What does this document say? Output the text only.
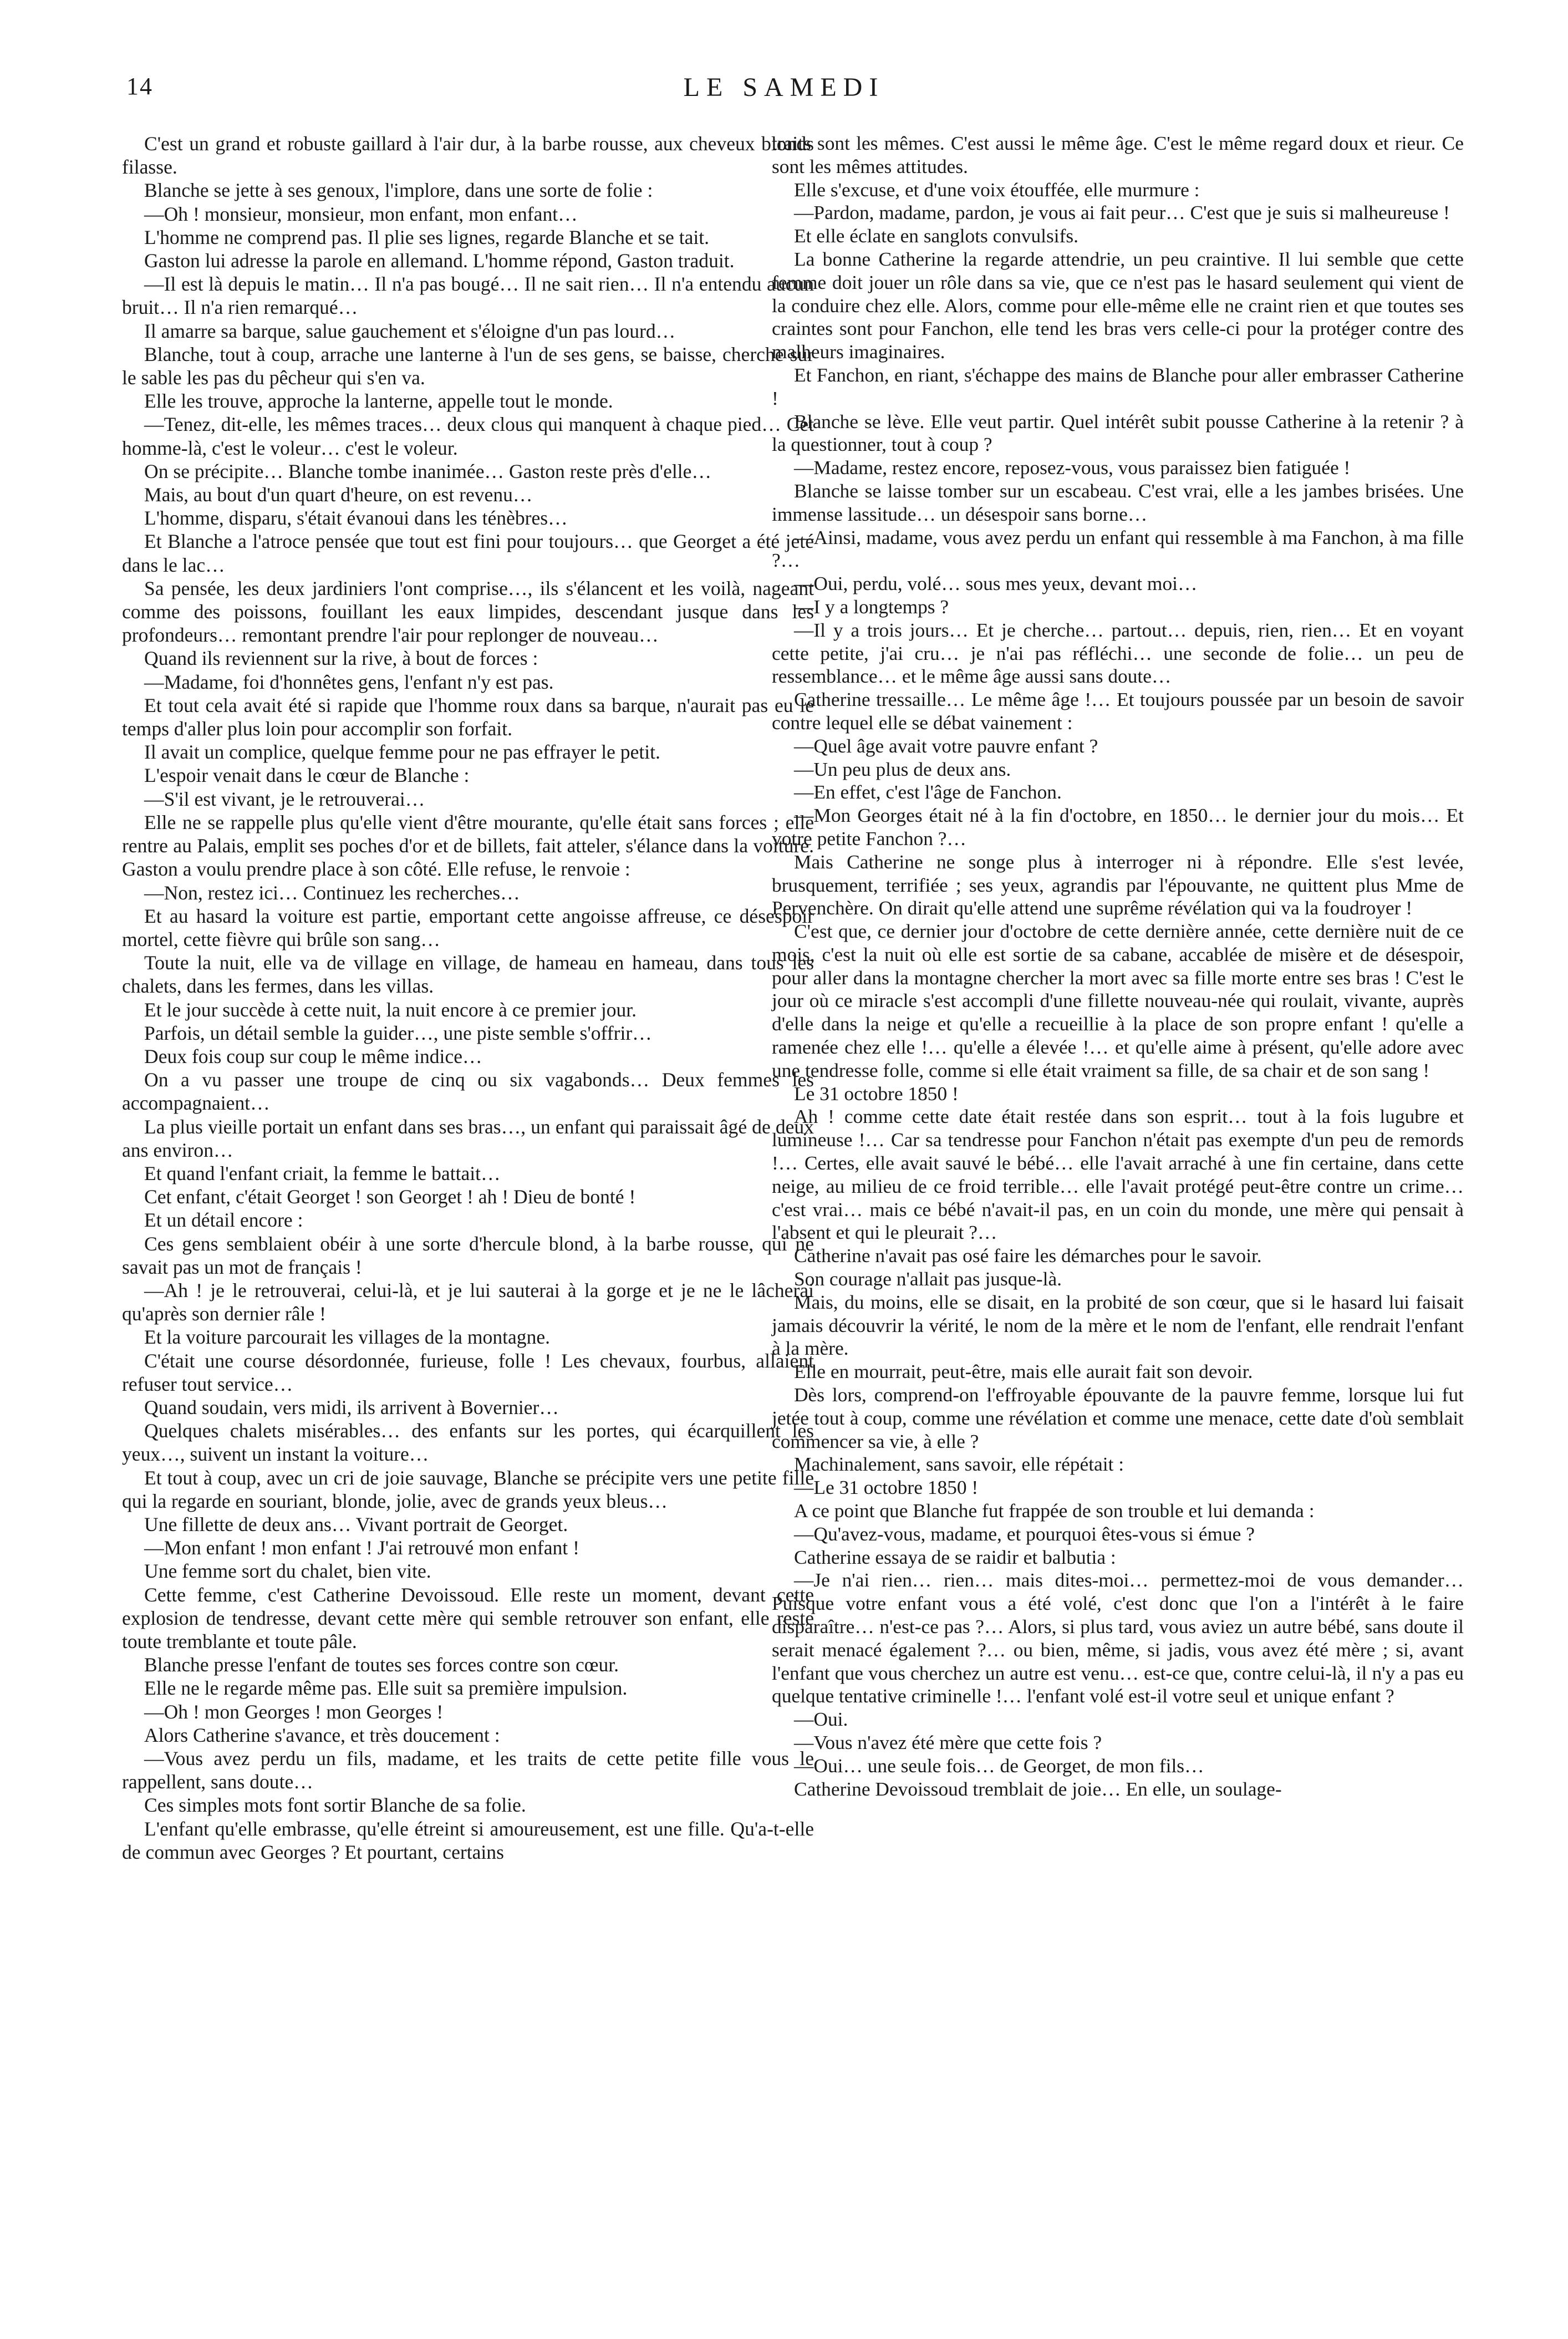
14	LE SAMEDI

C'est un grand et robuste gaillard à l'air dur, à la barbe rousse, aux cheveux blonds filasse.

Blanche se jette à ses genoux, l'implore, dans une sorte de folie :

—Oh ! monsieur, monsieur, mon enfant, mon enfant…

L'homme ne comprend pas. Il plie ses lignes, regarde Blanche et se tait.

Gaston lui adresse la parole en allemand. L'homme répond, Gaston traduit.

—Il est là depuis le matin… Il n'a pas bougé… Il ne sait rien… Il n'a entendu aucun bruit… Il n'a rien remarqué…

Il amarre sa barque, salue gauchement et s'éloigne d'un pas lourd…

Blanche, tout à coup, arrache une lanterne à l'un de ses gens, se baisse, cherche sur le sable les pas du pêcheur qui s'en va.

Elle les trouve, approche la lanterne, appelle tout le monde.

—Tenez, dit-elle, les mêmes traces… deux clous qui manquent à chaque pied… Cet homme-là, c'est le voleur… c'est le voleur.

On se précipite… Blanche tombe inanimée… Gaston reste près d'elle…

Mais, au bout d'un quart d'heure, on est revenu…

L'homme, disparu, s'était évanoui dans les ténèbres…

Et Blanche a l'atroce pensée que tout est fini pour toujours… que Georget a été jeté dans le lac…

Sa pensée, les deux jardiniers l'ont comprise…, ils s'élancent et les voilà, nageant comme des poissons, fouillant les eaux limpides, descendant jusque dans les profondeurs… remontant prendre l'air pour replonger de nouveau…

Quand ils reviennent sur la rive, à bout de forces :

—Madame, foi d'honnêtes gens, l'enfant n'y est pas.

Et tout cela avait été si rapide que l'homme roux dans sa barque, n'aurait pas eu le temps d'aller plus loin pour accomplir son forfait.

Il avait un complice, quelque femme pour ne pas effrayer le petit.

L'espoir venait dans le cœur de Blanche :

—S'il est vivant, je le retrouverai…

Elle ne se rappelle plus qu'elle vient d'être mourante, qu'elle était sans forces ; elle rentre au Palais, emplit ses poches d'or et de billets, fait atteler, s'élance dans la voiture. Gaston a voulu prendre place à son côté. Elle refuse, le renvoie :

—Non, restez ici… Continuez les recherches…

Et au hasard la voiture est partie, emportant cette angoisse affreuse, ce désespoir mortel, cette fièvre qui brûle son sang…

Toute la nuit, elle va de village en village, de hameau en hameau, dans tous les chalets, dans les fermes, dans les villas.

Et le jour succède à cette nuit, la nuit encore à ce premier jour.

Parfois, un détail semble la guider…, une piste semble s'offrir…

Deux fois coup sur coup le même indice…

On a vu passer une troupe de cinq ou six vagabonds… Deux femmes les accompagnaient…

La plus vieille portait un enfant dans ses bras…, un enfant qui paraissait âgé de deux ans environ…

Et quand l'enfant criait, la femme le battait…

Cet enfant, c'était Georget ! son Georget ! ah ! Dieu de bonté !

Et un détail encore :

Ces gens semblaient obéir à une sorte d'hercule blond, à la barbe rousse, qui ne savait pas un mot de français !

—Ah ! je le retrouverai, celui-là, et je lui sauterai à la gorge et je ne le lâcherai qu'après son dernier râle !

Et la voiture parcourait les villages de la montagne.

C'était une course désordonnée, furieuse, folle ! Les chevaux, fourbus, allaient refuser tout service…

Quand soudain, vers midi, ils arrivent à Bovernier…

Quelques chalets misérables… des enfants sur les portes, qui écarquillent les yeux…, suivent un instant la voiture…

Et tout à coup, avec un cri de joie sauvage, Blanche se précipite vers une petite fille qui la regarde en souriant, blonde, jolie, avec de grands yeux bleus…

Une fillette de deux ans… Vivant portrait de Georget.

—Mon enfant ! mon enfant ! J'ai retrouvé mon enfant !

Une femme sort du chalet, bien vite.

Cette femme, c'est Catherine Devoissoud. Elle reste un moment, devant cette explosion de tendresse, devant cette mère qui semble retrouver son enfant, elle reste toute tremblante et toute pâle.

Blanche presse l'enfant de toutes ses forces contre son cœur.

Elle ne le regarde même pas. Elle suit sa première impulsion.

—Oh ! mon Georges ! mon Georges !

Alors Catherine s'avance, et très doucement :

—Vous avez perdu un fils, madame, et les traits de cette petite fille vous le rappellent, sans doute…

Ces simples mots font sortir Blanche de sa folie.

L'enfant qu'elle embrasse, qu'elle étreint si amoureusement, est une fille. Qu'a-t-elle de commun avec Georges ? Et pourtant, certains

traits sont les mêmes. C'est aussi le même âge. C'est le même regard doux et rieur. Ce sont les mêmes attitudes.

Elle s'excuse, et d'une voix étouffée, elle murmure :

—Pardon, madame, pardon, je vous ai fait peur… C'est que je suis si malheureuse !

Et elle éclate en sanglots convulsifs.

La bonne Catherine la regarde attendrie, un peu craintive. Il lui semble que cette femme doit jouer un rôle dans sa vie, que ce n'est pas le hasard seulement qui vient de la conduire chez elle. Alors, comme pour elle-même elle ne craint rien et que toutes ses craintes sont pour Fanchon, elle tend les bras vers celle-ci pour la protéger contre des malheurs imaginaires.

Et Fanchon, en riant, s'échappe des mains de Blanche pour aller embrasser Catherine !

Blanche se lève. Elle veut partir. Quel intérêt subit pousse Catherine à la retenir ? à la questionner, tout à coup ?

—Madame, restez encore, reposez-vous, vous paraissez bien fatiguée !

Blanche se laisse tomber sur un escabeau. C'est vrai, elle a les jambes brisées. Une immense lassitude… un désespoir sans borne…

—Ainsi, madame, vous avez perdu un enfant qui ressemble à ma Fanchon, à ma fille ?…

—Oui, perdu, volé… sous mes yeux, devant moi…

—I y a longtemps ?

—Il y a trois jours… Et je cherche… partout… depuis, rien, rien… Et en voyant cette petite, j'ai cru… je n'ai pas réfléchi… une seconde de folie… un peu de ressemblance… et le même âge aussi sans doute…

Catherine tressaille… Le même âge !… Et toujours poussée par un besoin de savoir contre lequel elle se débat vainement :

—Quel âge avait votre pauvre enfant ?

—Un peu plus de deux ans.

—En effet, c'est l'âge de Fanchon.

—Mon Georges était né à la fin d'octobre, en 1850… le dernier jour du mois… Et votre petite Fanchon ?…

Mais Catherine ne songe plus à interroger ni à répondre. Elle s'est levée, brusquement, terrifiée ; ses yeux, agrandis par l'épouvante, ne quittent plus Mme de Pervenchère. On dirait qu'elle attend une suprême révélation qui va la foudroyer !

C'est que, ce dernier jour d'octobre de cette dernière année, cette dernière nuit de ce mois, c'est la nuit où elle est sortie de sa cabane, accablée de misère et de désespoir, pour aller dans la montagne chercher la mort avec sa fille morte entre ses bras ! C'est le jour où ce miracle s'est accompli d'une fillette nouveau-née qui roulait, vivante, auprès d'elle dans la neige et qu'elle a recueillie à la place de son propre enfant ! qu'elle a ramenée chez elle !… qu'elle a élevée !… et qu'elle aime à présent, qu'elle adore avec une tendresse folle, comme si elle était vraiment sa fille, de sa chair et de son sang !

Le 31 octobre 1850 !

Ah ! comme cette date était restée dans son esprit… tout à la fois lugubre et lumineuse !… Car sa tendresse pour Fanchon n'était pas exempte d'un peu de remords !… Certes, elle avait sauvé le bébé… elle l'avait arraché à une fin certaine, dans cette neige, au milieu de ce froid terrible… elle l'avait protégé peut-être contre un crime… c'est vrai… mais ce bébé n'avait-il pas, en un coin du monde, une mère qui pensait à l'absent et qui le pleurait ?…

Catherine n'avait pas osé faire les démarches pour le savoir.

Son courage n'allait pas jusque-là.

Mais, du moins, elle se disait, en la probité de son cœur, que si le hasard lui faisait jamais découvrir la vérité, le nom de la mère et le nom de l'enfant, elle rendrait l'enfant à la mère.

Elle en mourrait, peut-être, mais elle aurait fait son devoir.

Dès lors, comprend-on l'effroyable épouvante de la pauvre femme, lorsque lui fut jetée tout à coup, comme une révélation et comme une menace, cette date d'où semblait commencer sa vie, à elle ?

Machinalement, sans savoir, elle répétait :

—Le 31 octobre 1850 !

A ce point que Blanche fut frappée de son trouble et lui demanda :

—Qu'avez-vous, madame, et pourquoi êtes-vous si émue ?

Catherine essaya de se raidir et balbutia :

—Je n'ai rien… rien… mais dites-moi… permettez-moi de vous demander… Puisque votre enfant vous a été volé, c'est donc que l'on a l'intérêt à le faire disparaître… n'est-ce pas ?… Alors, si plus tard, vous aviez un autre bébé, sans doute il serait menacé également ?… ou bien, même, si jadis, vous avez été mère ; si, avant l'enfant que vous cherchez un autre est venu… est-ce que, contre celui-là, il n'y a pas eu quelque tentative criminelle !… l'enfant volé est-il votre seul et unique enfant ?

—Oui.

—Vous n'avez été mère que cette fois ?

—Oui… une seule fois… de Georget, de mon fils…

Catherine Devoissoud tremblait de joie… En elle, un soulage-
